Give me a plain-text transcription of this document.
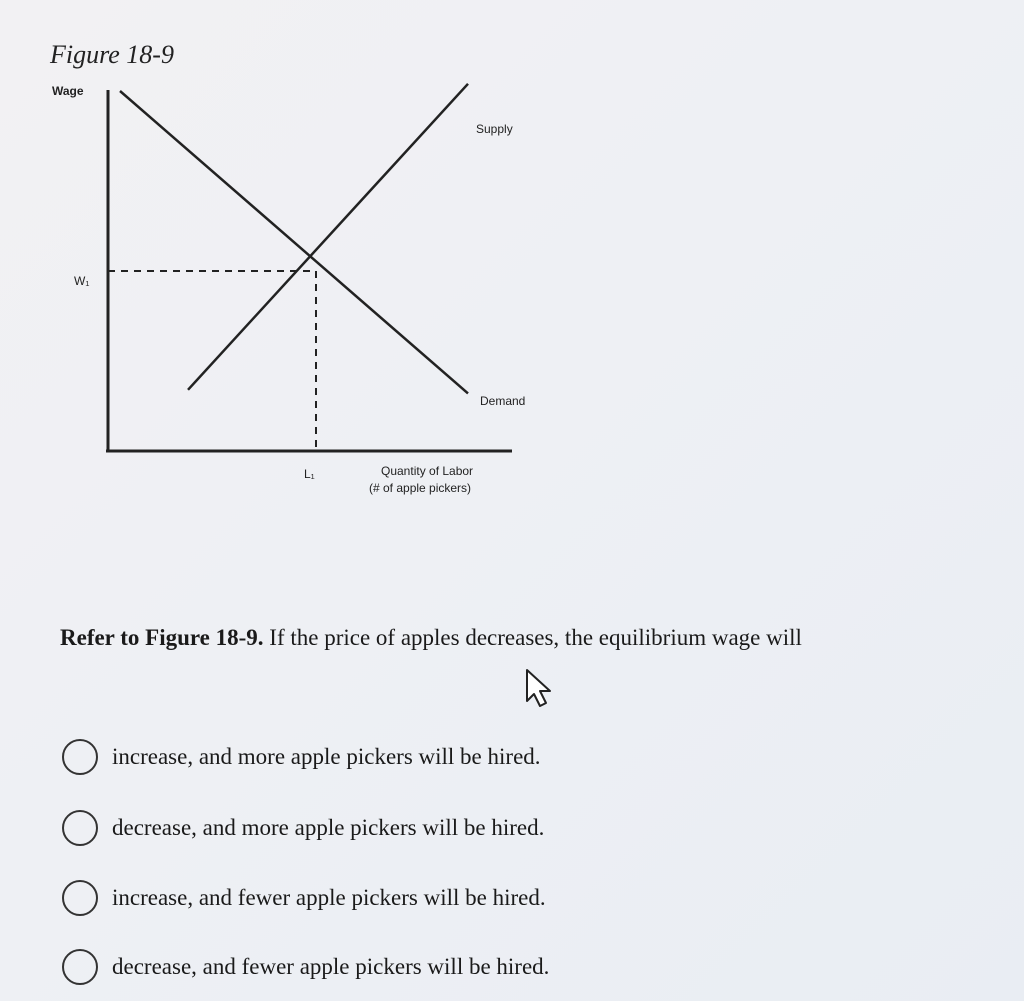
Figure 18-9
Wage
W₁
L₁
Supply
Demand
Quantity of Labor
(# of apple pickers)
Refer to Figure 18-9. If the price of apples decreases, the equilibrium wage will
increase, and more apple pickers will be hired.
decrease, and more apple pickers will be hired.
increase, and fewer apple pickers will be hired.
decrease, and fewer apple pickers will be hired.
